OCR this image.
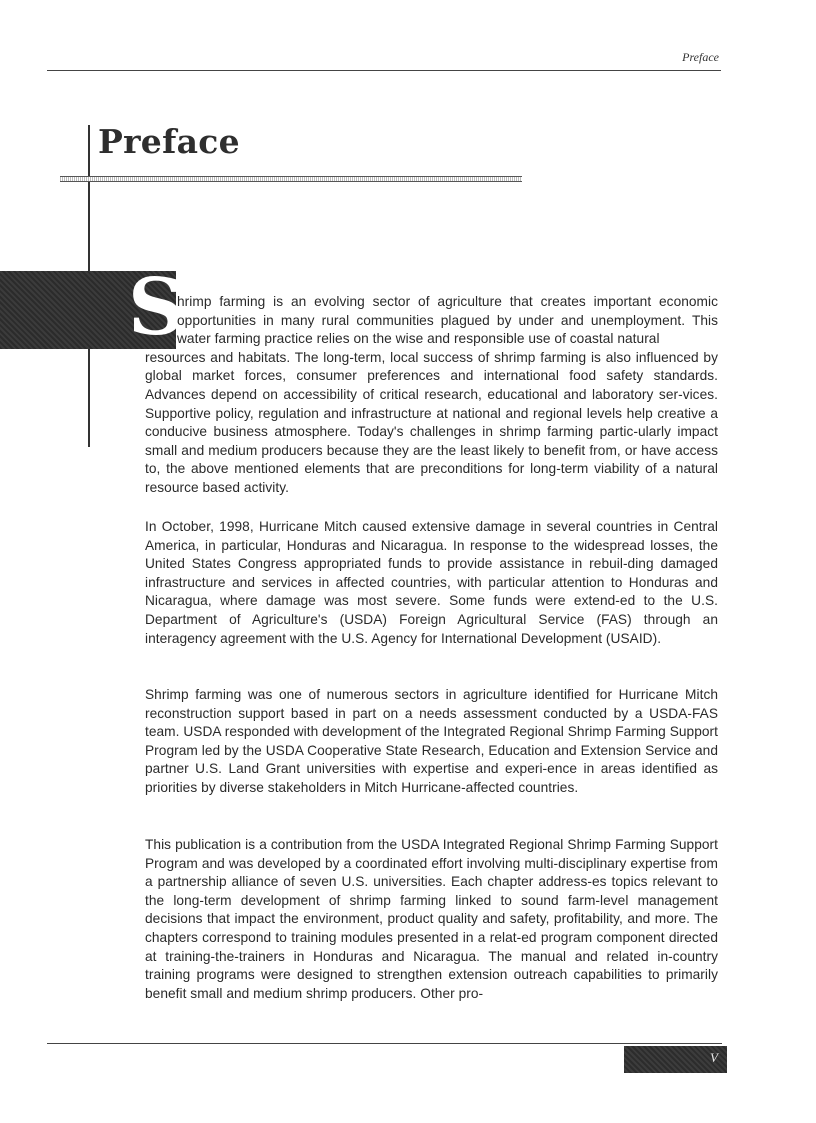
Preface
Preface
S

hrimp farming is an evolving sector of agriculture that creates important economic opportunities in many rural communities plagued by under and unemployment. This water farming practice relies on the wise and responsible use of coastal natural
resources and habitats. The long-term, local success of shrimp farming is also influenced by global market forces, consumer preferences and international food safety standards. Advances depend on accessibility of critical research, educational and laboratory ser-vices. Supportive policy, regulation and infrastructure at national and regional levels help creative a conducive business atmosphere. Today's challenges in shrimp farming partic-ularly impact small and medium producers because they are the least likely to benefit from, or have access to, the above mentioned elements that are preconditions for long-term viability of a natural resource based activity.

In October, 1998, Hurricane Mitch caused extensive damage in several countries in Central America, in particular, Honduras and Nicaragua. In response to the widespread losses, the United States Congress appropriated funds to provide assistance in rebuil-ding damaged infrastructure and services in affected countries, with particular attention to Honduras and Nicaragua, where damage was most severe. Some funds were extend-ed to the U.S. Department of Agriculture's (USDA) Foreign Agricultural Service (FAS) through an interagency agreement with the U.S. Agency for International Development (USAID).

Shrimp farming was one of numerous sectors in agriculture identified for Hurricane Mitch reconstruction support based in part on a needs assessment conducted by a USDA-FAS team. USDA responded with development of the Integrated Regional Shrimp Farming Support Program led by the USDA Cooperative State Research, Education and Extension Service and partner U.S. Land Grant universities with expertise and experi-ence in areas identified as priorities by diverse stakeholders in Mitch Hurricane-affected countries.

This publication is a contribution from the USDA Integrated Regional Shrimp Farming Support Program and was developed by a coordinated effort involving multi-disciplinary expertise from a partnership alliance of seven U.S. universities. Each chapter address-es topics relevant to the long-term development of shrimp farming linked to sound farm-level management decisions that impact the environment, product quality and safety, profitability, and more. The chapters correspond to training modules presented in a relat-ed program component directed at training-the-trainers in Honduras and Nicaragua. The manual and related in-country training programs were designed to strengthen extension outreach capabilities to primarily benefit small and medium shrimp producers. Other pro-

V
